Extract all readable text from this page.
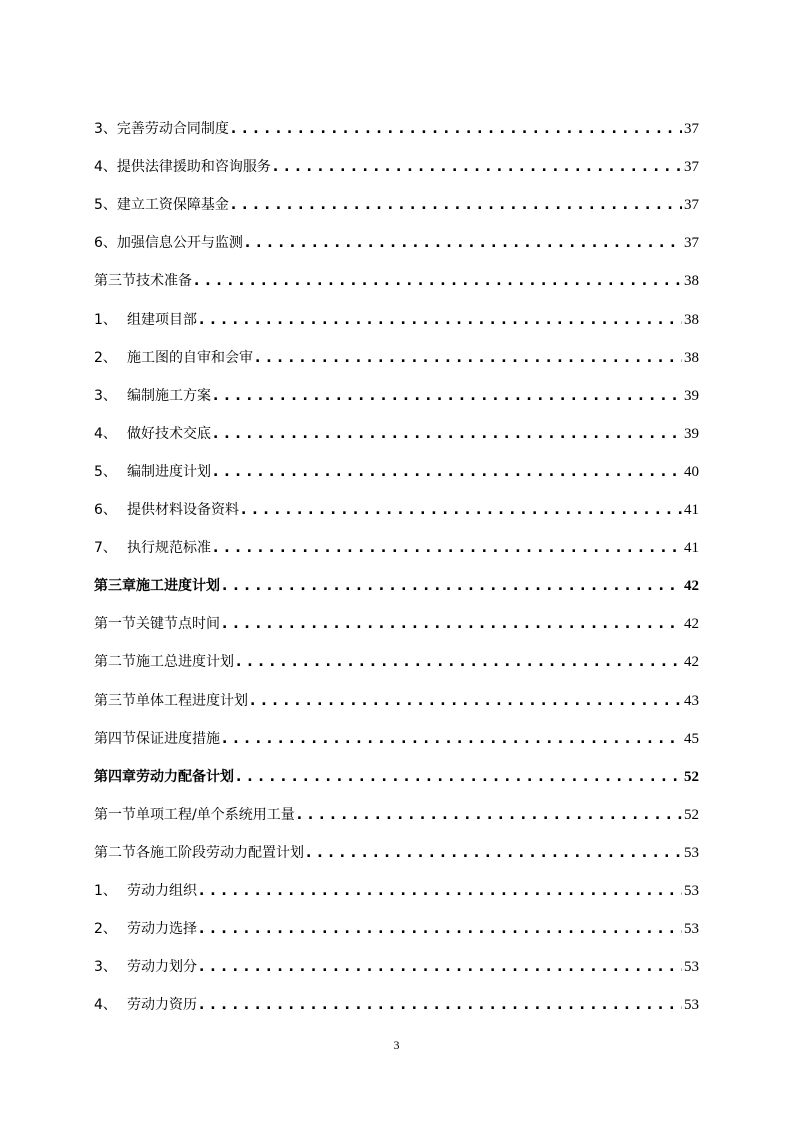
3、 完善劳动合同制度 . . .	37
4、 提供法律援助和咨询服务 . . .	37
5、 建立工资保障基金 . . .	37
6、 加强信息公开与监测 . . .	37
第三节 技术准备 . . .	38
1、 组建项目部 . . .	38
2、 施工图的自审和会审 . . .	38
3、 编制施工方案 . . .	39
4、 做好技术交底 . . .	39
5、 编制进度计划 . . .	40
6、 提供材料设备资料 . . .	41
7、 执行规范标准 . . .	41
第三章 施工进度计划 . . .	42
第一节 关键节点时间 . . .	42
第二节 施工总进度计划 . . .	42
第三节 单体工程进度计划 . . .	43
第四节 保证进度措施 . . .	45
第四章 劳动力配备计划 . . .	52
第一节 单项工程/单个系统用工量 . . .	52
第二节 各施工阶段劳动力配置计划 . . .	53
1、 劳动力组织 . . .	53
2、 劳动力选择 . . .	53
3、 劳动力划分 . . .	53
4、 劳动力资历 . . .	53
3
